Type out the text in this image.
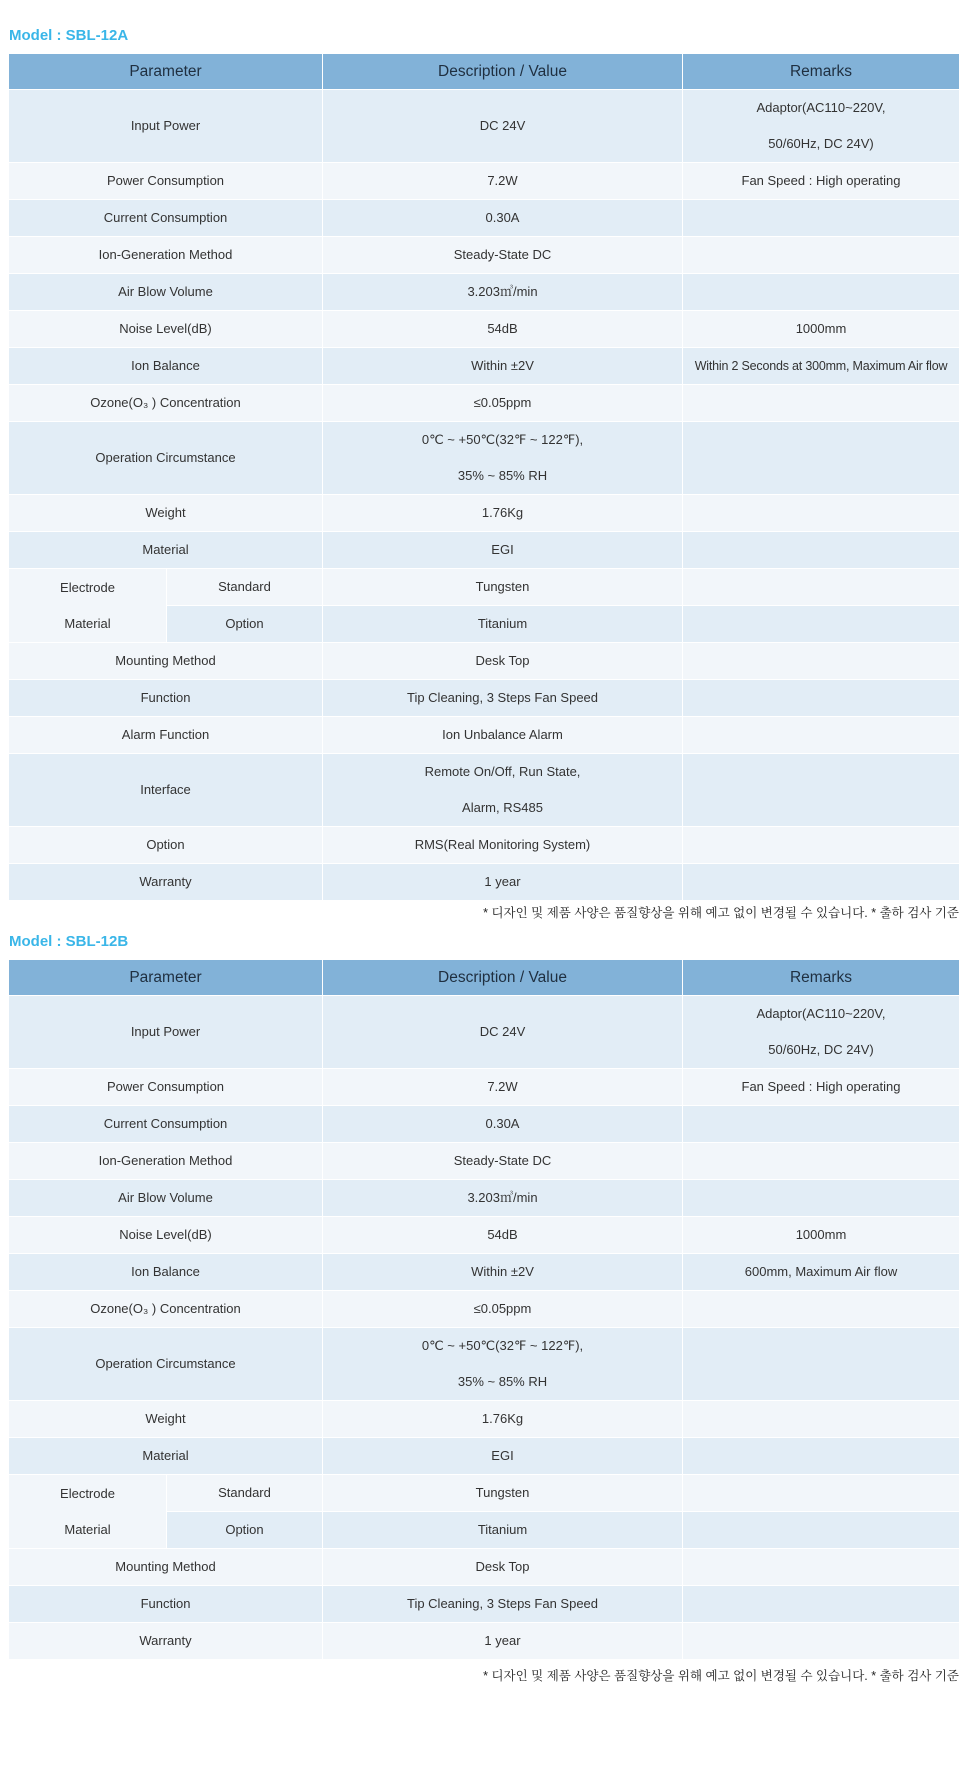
Model : SBL-12A
Parameter		Description / Value	Remarks
Input Power		DC 24V	Adaptor(AC110~220V,
50/60Hz, DC 24V)

Power Consumption		7.2W	Fan Speed : High operating
Current Consumption		0.30A	
Ion-Generation Method		Steady-State DC	
Air Blow Volume		3.203㎥/min	
Noise Level(dB)		54dB	1000mm
Ion Balance		Within ±2V	Within 2 Seconds at 300mm, Maximum Air flow
Ozone(O₃ ) Concentration		≤0.05ppm	
Operation Circumstance		0℃ ~ +50℃(32℉ ~ 122℉),
35% ~ 85% RH	

Weight		1.76Kg	
Material		EGI	

Electrode
Material	Standard	Tungsten	
	Option	Titanium	
Mounting Method		Desk Top	
Function		Tip Cleaning, 3 Steps Fan Speed	
Alarm Function		Ion Unbalance Alarm	
Interface		Remote On/Off, Run State,
Alarm, RS485	

Option		RMS(Real Monitoring System)	
Warranty		1 year	
* 디자인 및 제품 사양은 품질향상을 위해 예고 없이 변경될 수 있습니다. * 출하 검사 기준
Model : SBL-12B
Parameter		Description / Value	Remarks
Input Power		DC 24V	Adaptor(AC110~220V,
50/60Hz, DC 24V)

Power Consumption		7.2W	Fan Speed : High operating
Current Consumption		0.30A	
Ion-Generation Method		Steady-State DC	
Air Blow Volume		3.203㎥/min	
Noise Level(dB)		54dB	1000mm
Ion Balance		Within ±2V	600mm, Maximum Air flow
Ozone(O₃ ) Concentration		≤0.05ppm	
Operation Circumstance		0℃ ~ +50℃(32℉ ~ 122℉),
35% ~ 85% RH	

Weight		1.76Kg	
Material		EGI	

Electrode
Material	Standard	Tungsten	
	Option	Titanium	
Mounting Method		Desk Top	
Function		Tip Cleaning, 3 Steps Fan Speed	
Warranty		1 year	
* 디자인 및 제품 사양은 품질향상을 위해 예고 없이 변경될 수 있습니다. * 출하 검사 기준
